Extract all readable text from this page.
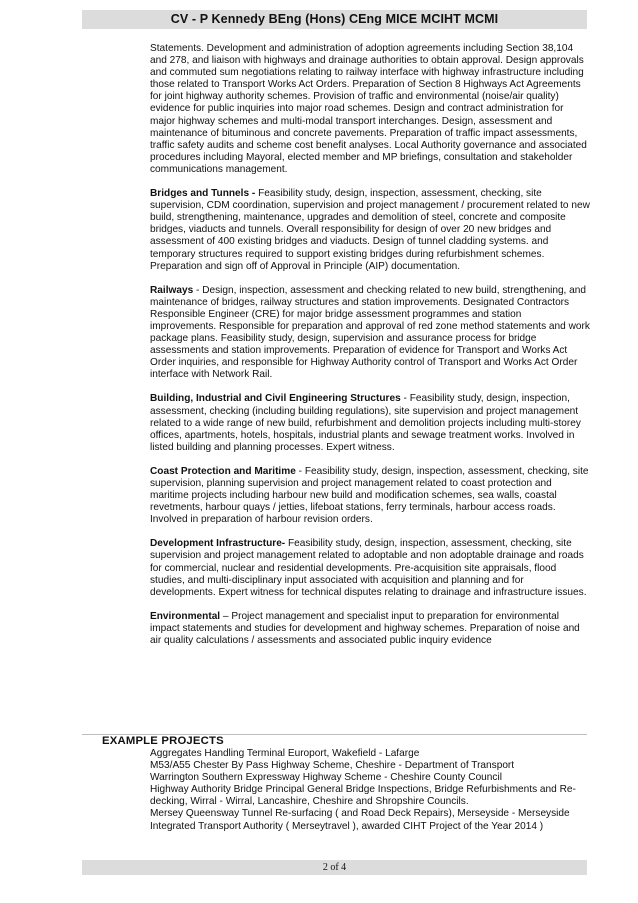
CV - P Kennedy BEng (Hons) CEng MICE MCIHT MCMI

Statements. Development and administration of adoption agreements including Section 38,104 and 278, and liaison with highways and drainage authorities to obtain approval. Design approvals and commuted sum negotiations relating to railway interface with highway infrastructure including those related to Transport Works Act Orders. Preparation of Section 8 Highways Act Agreements for joint highway authority schemes. Provision of traffic and environmental (noise/air quality) evidence for public inquiries into major road schemes. Design and contract administration for major highway schemes and multi-modal transport interchanges. Design, assessment and maintenance of bituminous and concrete pavements. Preparation of traffic impact assessments, traffic safety audits and scheme cost benefit analyses. Local Authority governance and associated procedures including Mayoral, elected member and MP briefings, consultation and stakeholder communications management.

Bridges and Tunnels - Feasibility study, design, inspection, assessment, checking, site supervision, CDM coordination, supervision and project management / procurement related to new build, strengthening, maintenance, upgrades and demolition of steel, concrete and composite bridges, viaducts and tunnels. Overall responsibility for design of over 20 new bridges and assessment of 400 existing bridges and viaducts. Design of tunnel cladding systems. and temporary structures required to support existing bridges during refurbishment schemes. Preparation and sign off of Approval in Principle (AIP) documentation.

Railways - Design, inspection, assessment and checking related to new build, strengthening, and maintenance of bridges, railway structures and station improvements. Designated Contractors Responsible Engineer (CRE) for major bridge assessment programmes and station improvements. Responsible for preparation and approval of red zone method statements and work package plans. Feasibility study, design, supervision and assurance process for bridge assessments and station improvements. Preparation of evidence for Transport and Works Act Order inquiries, and responsible for Highway Authority control of Transport and Works Act Order interface with Network Rail.

Building, Industrial and Civil Engineering Structures - Feasibility study, design, inspection, assessment, checking (including building regulations), site supervision and project management related to a wide range of new build, refurbishment and demolition projects including multi-storey offices, apartments, hotels, hospitals, industrial plants and sewage treatment works. Involved in listed building and planning processes. Expert witness.

Coast Protection and Maritime - Feasibility study, design, inspection, assessment, checking, site supervision, planning supervision and project management related to coast protection and maritime projects including harbour new build and modification schemes, sea walls, coastal revetments, harbour quays / jetties, lifeboat stations, ferry terminals, harbour access roads. Involved in preparation of harbour revision orders.

Development Infrastructure- Feasibility study, design, inspection, assessment, checking, site supervision and project management related to adoptable and non adoptable drainage and roads for commercial, nuclear and residential developments. Pre-acquisition site appraisals, flood studies, and multi-disciplinary input associated with acquisition and planning and for developments. Expert witness for technical disputes relating to drainage and infrastructure issues.

Environmental – Project management and specialist input to preparation for environmental impact statements and studies for development and highway schemes. Preparation of noise and air quality calculations / assessments and associated public inquiry evidence

EXAMPLE PROJECTS
Aggregates Handling Terminal Europort, Wakefield - Lafarge
M53/A55 Chester By Pass Highway Scheme, Cheshire - Department of Transport
Warrington Southern Expressway Highway Scheme - Cheshire County Council
Highway Authority Bridge Principal General Bridge Inspections, Bridge Refurbishments and Re-decking, Wirral - Wirral, Lancashire, Cheshire and Shropshire Councils.
Mersey Queensway Tunnel Re-surfacing ( and Road Deck Repairs), Merseyside - Merseyside Integrated Transport Authority ( Merseytravel ), awarded CIHT Project of the Year 2014 )
2 of 4
